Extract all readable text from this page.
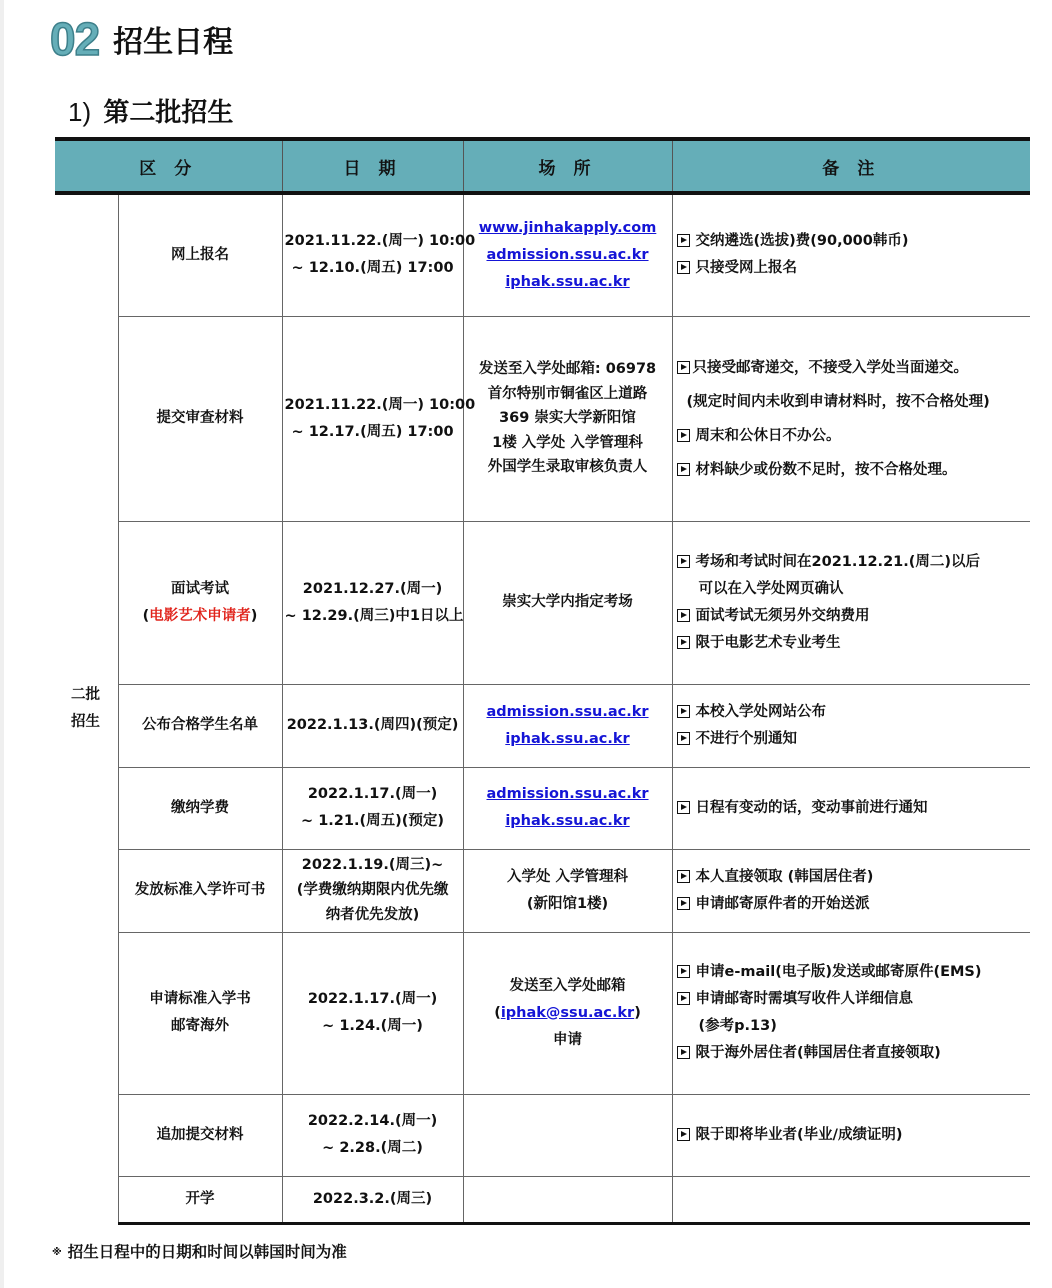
02 招生日程
1) 第二批招生
区 分		日 期	场 所	备 注

二批
招生	网上报名	2021.11.22.(周一) 10:00
~ 12.10.(周五) 17:00	www.jinhakapply.com
admission.ssu.ac.kr
iphak.ssu.ac.kr	交纳遴选(选拔)费(90,000韩币)
只接受网上报名

	提交审查材料	2021.11.22.(周一) 10:00
~ 12.17.(周五) 17:00	发送至入学处邮箱: 06978
首尔特别市铜雀区上道路
369 崇实大学新阳馆
1楼 入学处 入学管理科
外国学生录取审核负责人	只接受邮寄递交，不接受入学处当面递交。
(规定时间内未收到申请材料时，按不合格处理)
周末和公休日不办公。
材料缺少或份数不足时，按不合格处理。

	面试考试
(电影艺术申请者)	2021.12.27.(周一)
~ 12.29.(周三)中1日以上	崇实大学内指定考场	考场和考试时间在2021.12.21.(周二)以后
可以在入学处网页确认
面试考试无须另外交纳费用
限于电影艺术专业考生

	公布合格学生名单	2022.1.13.(周四)(预定)	admission.ssu.ac.kr
iphak.ssu.ac.kr	本校入学处网站公布
不进行个别通知

	缴纳学费	2022.1.17.(周一)
~ 1.21.(周五)(预定)	admission.ssu.ac.kr
iphak.ssu.ac.kr	日程有变动的话，变动事前进行通知

	发放标准入学许可书	2022.1.19.(周三)~
(学费缴纳期限内优先缴
纳者优先发放)	入学处 入学管理科
(新阳馆1楼)	本人直接领取 (韩国居住者)
申请邮寄原件者的开始送派

	申请标准入学书
邮寄海外	2022.1.17.(周一)
~ 1.24.(周一)	发送至入学处邮箱
(iphak@ssu.ac.kr)
申请	申请e-mail(电子版)发送或邮寄原件(EMS)
申请邮寄时需填写收件人详细信息
(参考p.13)
限于海外居住者(韩国居住者直接领取)

	追加提交材料	2022.2.14.(周一)
~ 2.28.(周二)		限于即将毕业者(毕业/成绩证明)

	开学	2022.3.2.(周三)		

※ 招生日程中的日期和时间以韩国时间为准
